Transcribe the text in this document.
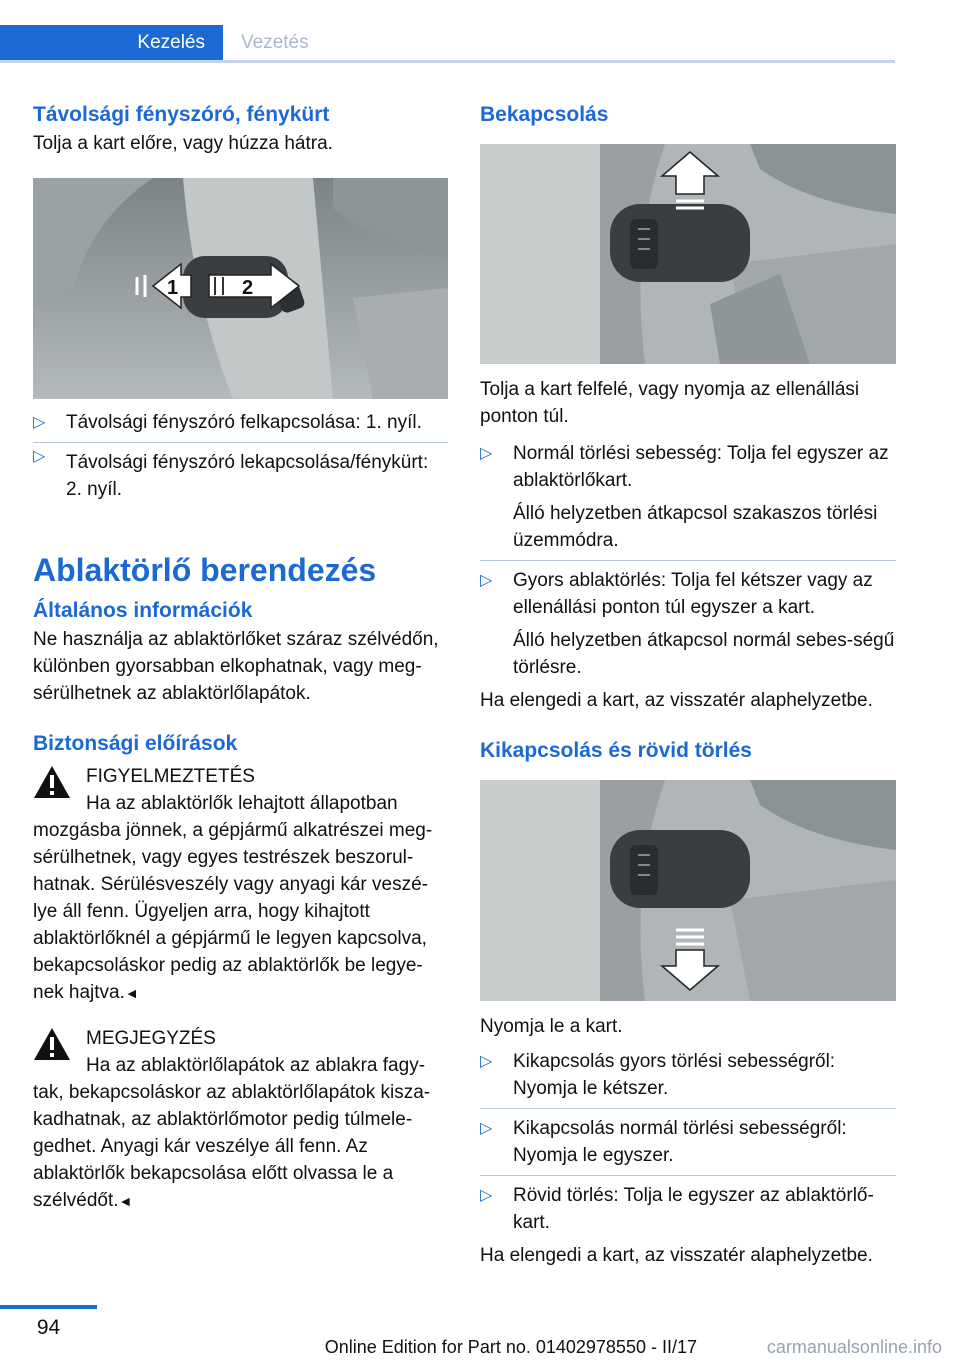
Kezelés	Vezetés
Távolsági fényszóró, fénykürt

Tolja a kart előre, vagy húzza hátra.

1	2
▷ Távolsági fényszóró felkapcsolása: 1. nyíl.
▷ Távolsági fényszóró lekapcsolása/fénykürt: 2. nyíl.
Ablaktörlő berendezés
Általános információk

Ne használja az ablaktörlőket száraz szélvédőn, különben gyorsabban elkophatnak, vagy meg-sérülhetnek az ablaktörlőlapátok.

Biztonsági előírások
FIGYELMEZTETÉS
Ha az ablaktörlők lehajtott állapotban

mozgásba jönnek, a gépjármű alkatrészei meg-sérülhetnek, vagy egyes testrészek beszorul-hatnak. Sérülésveszély vagy anyagi kár veszé-lye áll fenn. Ügyeljen arra, hogy kihajtott ablaktörlőknél a gépjármű le legyen kapcsolva, bekapcsoláskor pedig az ablaktörlők be legye-nek hajtva.◄

MEGJEGYZÉS
Ha az ablaktörlőlapátok az ablakra fagy-

tak, bekapcsoláskor az ablaktörlőlapátok kisza-kadhatnak, az ablaktörlőmotor pedig túlmele-gedhet. Anyagi kár veszélye áll fenn. Az ablaktörlők bekapcsolása előtt olvassa le a szélvédőt.◄

Bekapcsolás

Tolja a kart felfelé, vagy nyomja az ellenállási ponton túl.

▷ Normál törlési sebesség: Tolja fel egyszer az ablaktörlőkart.
Álló helyzetben átkapcsol szakaszos törlési üzemmódra.
▷ Gyors ablaktörlés: Tolja fel kétszer vagy az ellenállási ponton túl egyszer a kart.
Álló helyzetben átkapcsol normál sebes-ségű törlésre.

Ha elengedi a kart, az visszatér alaphelyzetbe.

Kikapcsolás és rövid törlés

Nyomja le a kart.

▷ Kikapcsolás gyors törlési sebességről: Nyomja le kétszer.
▷ Kikapcsolás normál törlési sebességről: Nyomja le egyszer.
▷ Rövid törlés: Tolja le egyszer az ablaktörlő-kart.

Ha elengedi a kart, az visszatér alaphelyzetbe.

94
Online Edition for Part no. 01402978550 - II/17	carmanualsonline.info
